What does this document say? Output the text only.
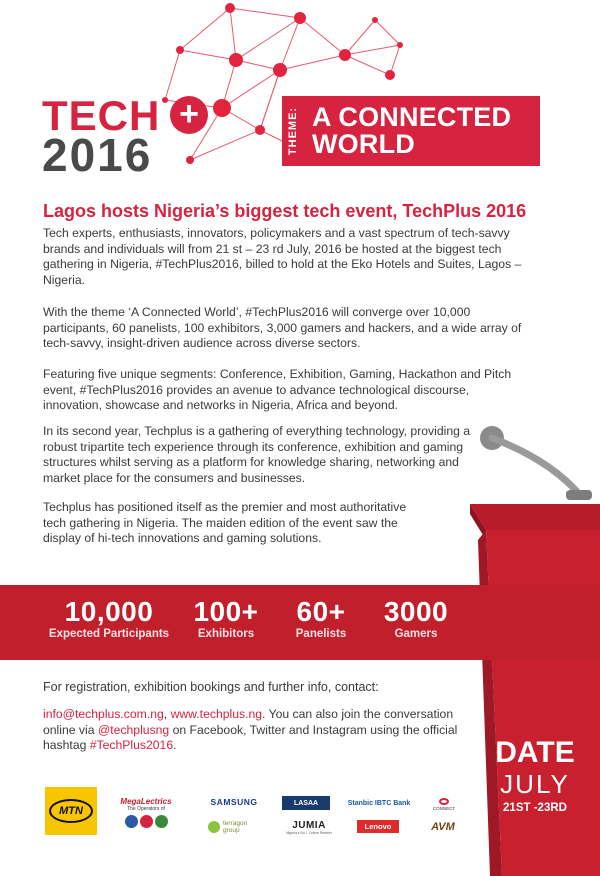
TECH +
2016	THEME: A CONNECTED WORLD
Lagos hosts Nigeria’s biggest tech event, TechPlus 2016

Tech experts, enthusiasts, innovators, policymakers and a vast spectrum of tech-savvy brands and individuals will from 21 st – 23 rd July, 2016 be hosted at the biggest tech gathering in Nigeria, #TechPlus2016, billed to hold at the Eko Hotels and Suites, Lagos – Nigeria.

With the theme ‘A Connected World’, #TechPlus2016 will converge over 10,000 participants, 60 panelists, 100 exhibitors, 3,000 gamers and hackers, and a wide array of tech-savvy, insight-driven audience across diverse sectors.

Featuring five unique segments: Conference, Exhibition, Gaming, Hackathon and Pitch event, #TechPlus2016 provides an avenue to advance technological discourse, innovation, showcase and networks in Nigeria, Africa and beyond.

In its second year, Techplus is a gathering of everything technology, providing a robust tripartite tech experience through its conference, exhibition and gaming structures whilst serving as a platform for knowledge sharing, networking and market place for the consumers and businesses.

Techplus has positioned itself as the premier and most authoritative tech gathering in Nigeria. The maiden edition of the event saw the display of hi-tech innovations and gaming solutions.

10,000
Expected Participants
100+
Exhibitors
60+
Panelists
3000
Gamers
For registration, exhibition bookings and further info, contact:

info@techplus.com.ng, www.techplus.ng. You can also join the conversation online via @techplusng on Facebook, Twitter and Instagram using the official hashtag #TechPlus2016.	DATE
JULY
21ST -23RD
MTN
MegaLectrics
The Operators of
SAMSUNG
terragon group
LASAA
JUMIA
Nigeria's No.1 Online Retailer
Stanbic IBTC Bank
Lenovo
CONNECT
AVM
